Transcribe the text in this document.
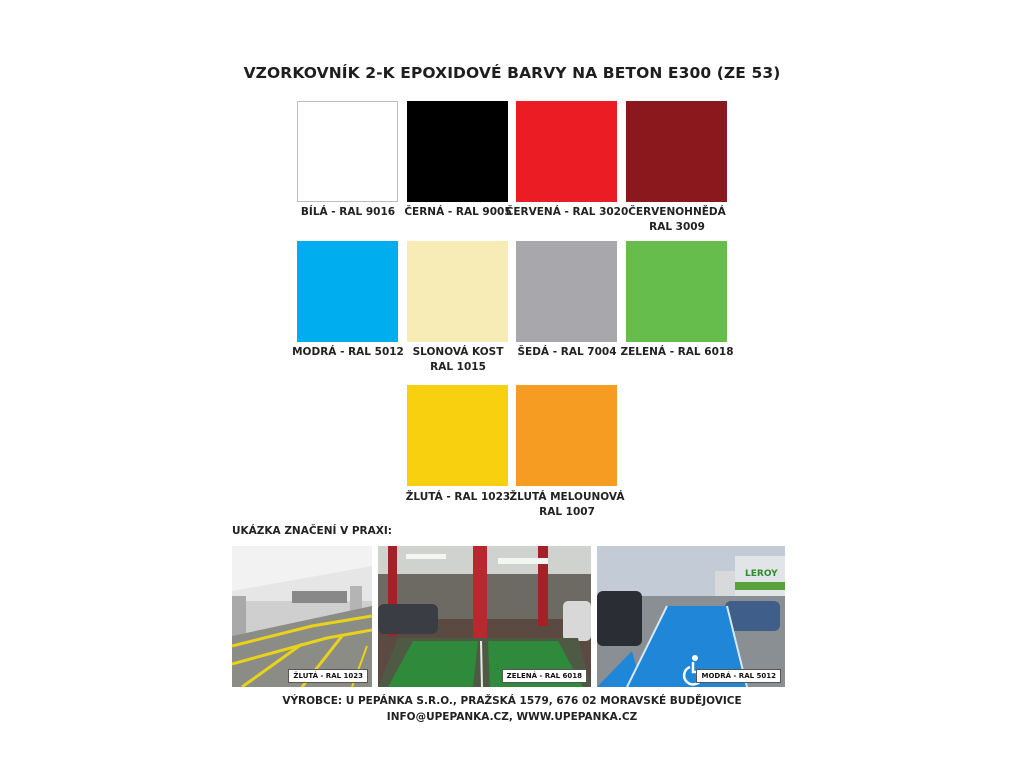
VZORKOVNÍK 2-K EPOXIDOVÉ BARVY NA BETON E300 (ZE 53)
BÍLÁ - RAL 9016 ČERNÁ - RAL 9005
ČERVENÁ - RAL 3020 ČERVENOHNĚDÁ
RAL 3009
MODRÁ - RAL 5012 SLONOVÁ KOST
RAL 1015
ŠEDÁ - RAL 7004 ZELENÁ - RAL 6018
ŽLUTÁ - RAL 1023 ŽLUTÁ MELOUNOVÁ
RAL 1007
UKÁZKA ZNAČENÍ V PRAXI:
ŽLUTÁ - RAL 1023	ZELENÁ - RAL 6018
LEROY
MODRÁ - RAL 5012
VÝROBCE: U PEPÁNKA S.R.O., PRAŽSKÁ 1579, 676 02 MORAVSKÉ BUDĚJOVICE
INFO@UPEPANKA.CZ, WWW.UPEPANKA.CZ
